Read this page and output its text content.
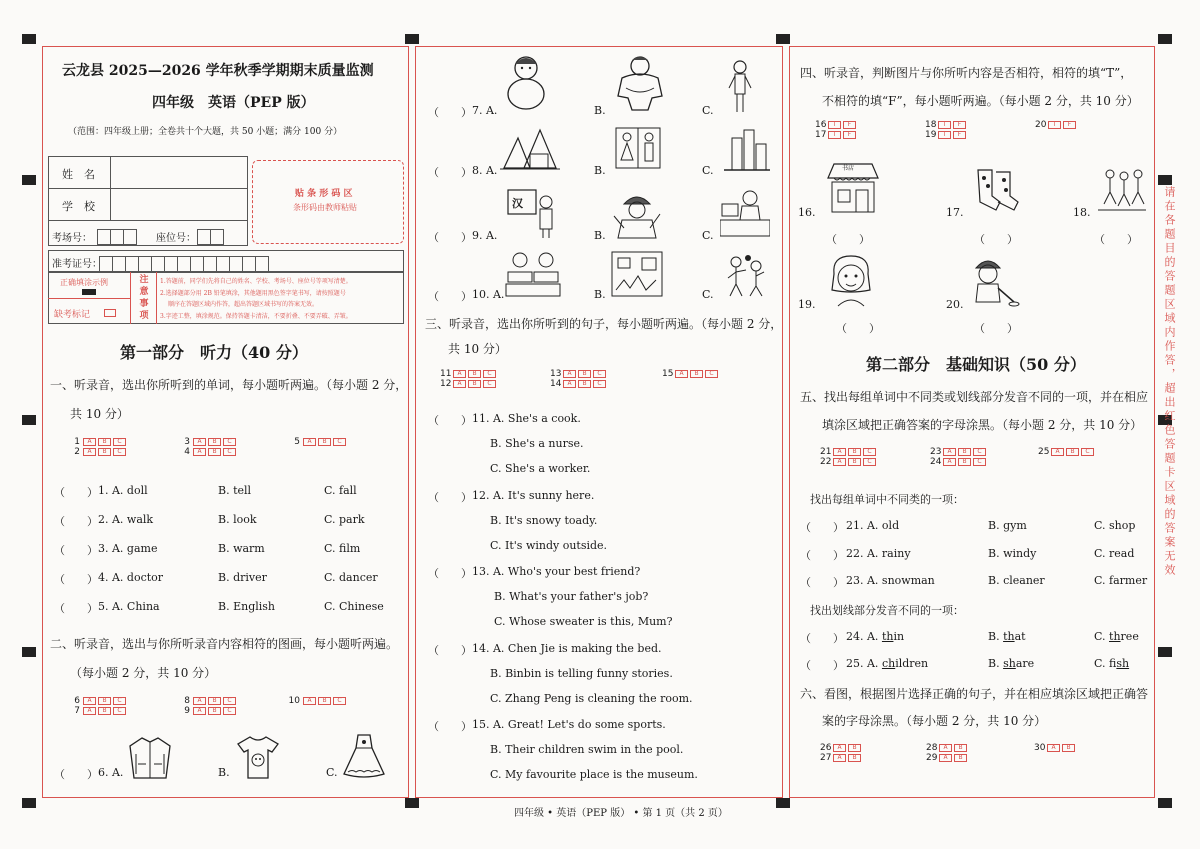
云龙县 2025—2026 学年秋季学期期末质量监测
四年级　英语（PEP 版）
（范围：四年级上册；全卷共十个大题，共 50 小题；满分 100 分）
姓　名
学　校
考场号：	座位号：
贴 条 形 码 区
条形码由教师粘贴
准考证号：
正确填涂示例
缺考标记
注意事项
1.答题前，同学们先将自己的姓名、学校、考场号、座位号等项写清楚。
2.选择题部分用 2B 铅笔填涂，其他题用黑色签字笔书写，请按照题号
顺序在答题区域内作答，超出答题区域书写的答案无效。
3.字迹工整，填涂规范。保持答题卡清洁，不要折叠、不要弄破、弄皱。
第一部分　听力（40 分）
一、听录音，选出你所听到的单词，每小题听两遍。（每小题 2 分，
共 10 分）
1 A B C
2 A B C
3 A B C
4 A B C
5 A B C
（　　） 1. A. doll	B. tell	C. fall
（　　） 2. A. walk	B. look	C. park
（　　） 3. A. game	B. warm	C. film
（　　） 4. A. doctor	B. driver	C. dancer
（　　） 5. A. China	B. English	C. Chinese
二、听录音，选出与你所听录音内容相符的图画，每小题听两遍。
（每小题 2 分，共 10 分）
6 A B C
7 A B C
8 A B C
9 A B C
10 A B C
（　　） 6. A.	B.	C.
（　　） 7. A.	B.	C.
（　　） 8. A.	B.	C.
（　　） 9. A.	B.	C.
汉
（　　） 10. A.	B.	C.
三、听录音，选出你所听到的句子，每小题听两遍。（每小题 2 分，
共 10 分）
11 A B C
12 A B C
13 A B C
14 A B C
15 A B C
（　　） 11. A. She's a cook.
B. She's a nurse.
C. She's a worker.
（　　） 12. A. It's sunny here.
B. It's snowy toady.
C. It's windy outside.
（　　） 13. A. Who's your best friend?
B. What's your father's job?
C. Whose sweater is this, Mum?
（　　） 14. A. Chen Jie is making the bed.
B. Binbin is telling funny stories.
C. Zhang Peng is cleaning the room.
（　　） 15. A. Great! Let's do some sports.
B. Their children swim in the pool.
C. My favourite place is the museum.
四、听录音，判断图片与你所听内容是否相符，相符的填“T”，
不相符的填“F”，每小题听两遍。（每小题 2 分，共 10 分）
16 T F
17 T F
18 T F
19 T F
20 T F
书店
16.	17.	18.
（　　）	（　　）	（　　）
19.	20.
（　　）	（　　）
第二部分　基础知识（50 分）
五、找出每组单词中不同类或划线部分发音不同的一项，并在相应
填涂区域把正确答案的字母涂黑。（每小题 2 分，共 10 分）
21 A B C
22 A B C
23 A B C
24 A B C
25 A B C
找出每组单词中不同类的一项：
（　　） 21. A. old	B. gym	C. shop
（　　） 22. A. rainy	B. windy	C. read
（　　） 23. A. snowman	B. cleaner	C. farmer
找出划线部分发音不同的一项：
（　　） 24. A. thin	B. that	C. three
（　　） 25. A. children	B. share	C. fish
六、看图，根据图片选择正确的句子，并在相应填涂区域把正确答
案的字母涂黑。（每小题 2 分，共 10 分）
26 A B
27 A B
28 A B
29 A B
30 A B
请在各题目的答题区域内作答，超出红色答题卡区域的答案无效
四年级 • 英语（PEP 版） • 第 1 页（共 2 页）
